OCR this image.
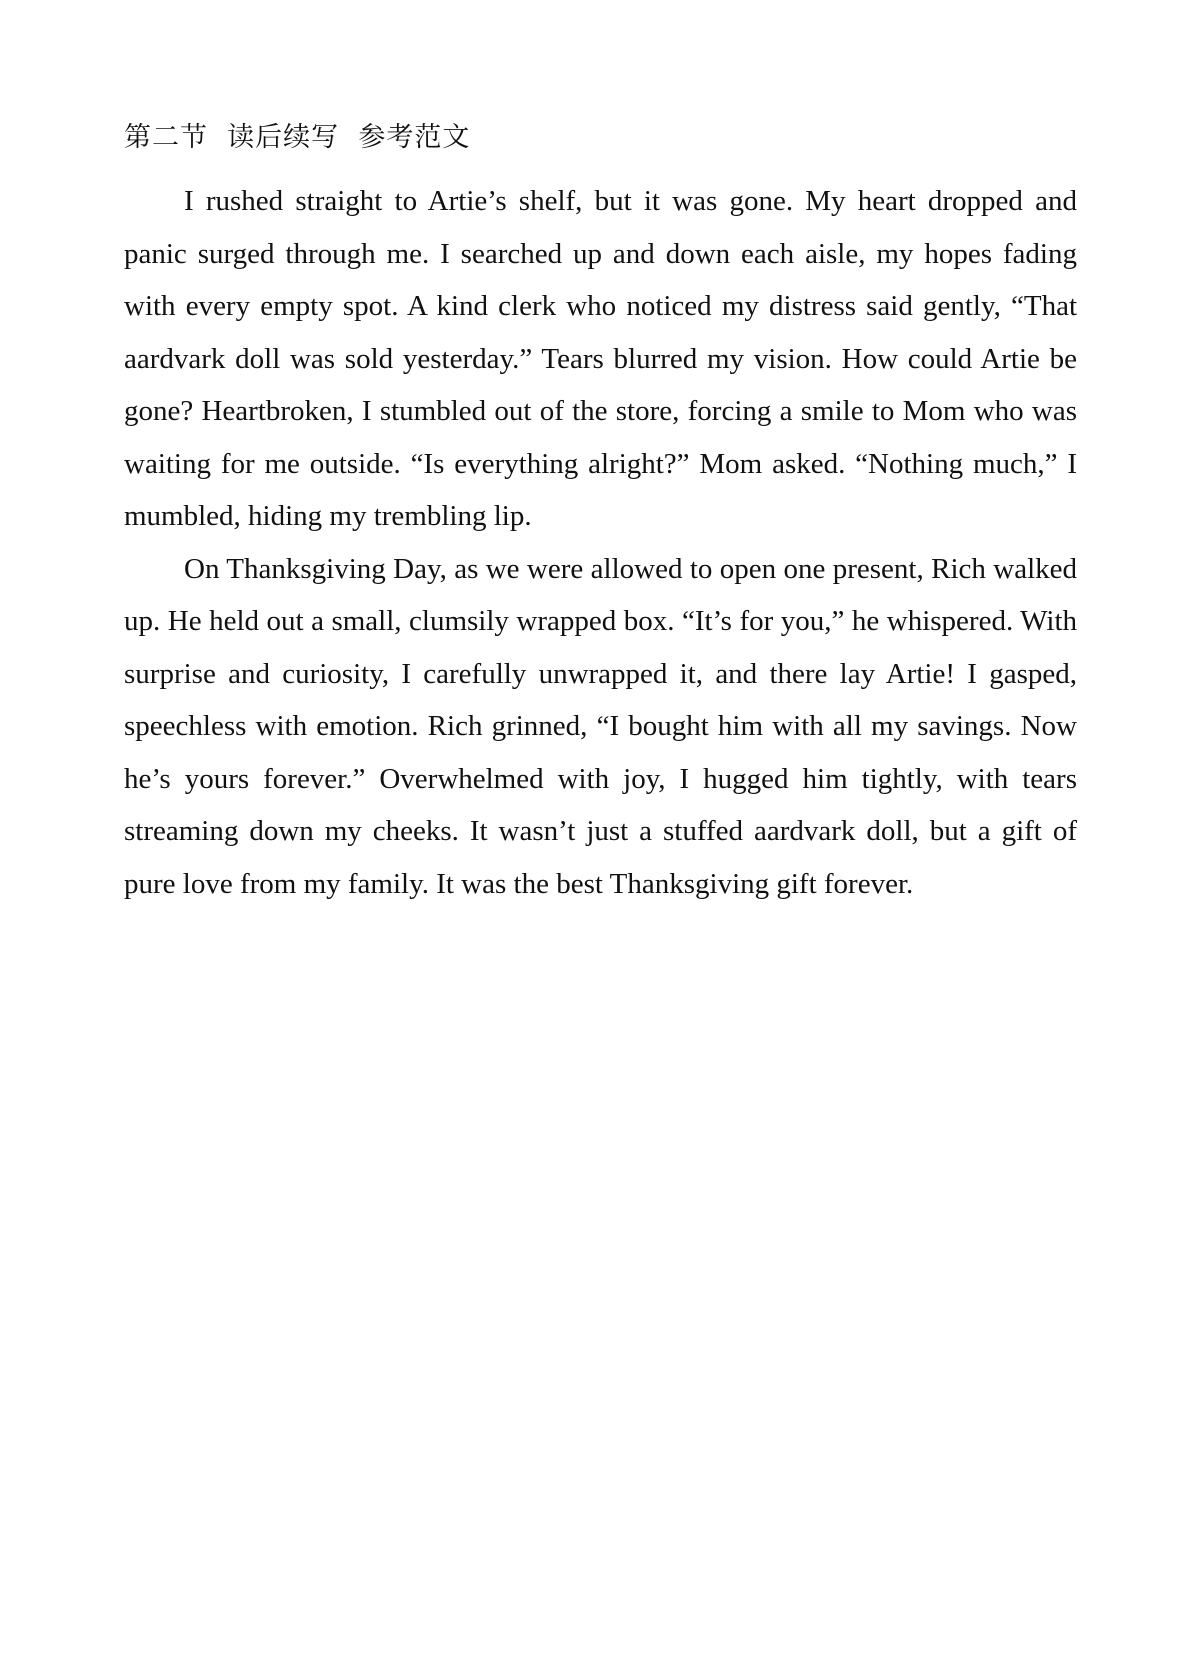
第二节  读后续写  参考范文

I rushed straight to Artie’s shelf, but it was gone. My heart dropped and panic surged through me. I searched up and down each aisle, my hopes fading with every empty spot. A kind clerk who noticed my distress said gently, “That aardvark doll was sold yesterday.” Tears blurred my vision. How could Artie be gone? Heartbroken, I stumbled out of the store, forcing a smile to Mom who was waiting for me outside. “Is everything alright?” Mom asked. “Nothing much,” I mumbled, hiding my trembling lip.

On Thanksgiving Day, as we were allowed to open one present, Rich walked up. He held out a small, clumsily wrapped box. “It’s for you,” he whispered. With surprise and curiosity, I carefully unwrapped it, and there lay Artie! I gasped, speechless with emotion. Rich grinned, “I bought him with all my savings. Now he’s yours forever.” Overwhelmed with joy, I hugged him tightly, with tears streaming down my cheeks. It wasn’t just a stuffed aardvark doll, but a gift of pure love from my family. It was the best Thanksgiving gift forever.
